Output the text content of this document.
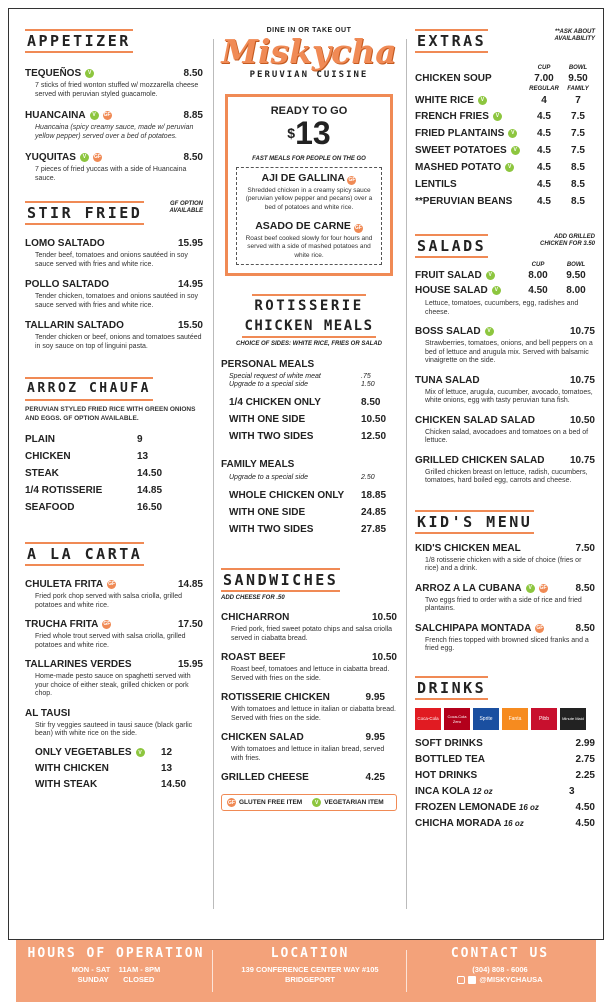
APPETIZER
TEQUEÑOS	V	8.50
7 sticks of fried wonton stuffed w/ mozzarella cheese served with peruvian styled guacamole.
HUANCAINA	V	GF	8.85
Huancaina (spicy creamy sauce, made w/ peruvian yellow pepper) served over a bed of potatoes.
YUQUITAS	V	GF	8.50
7 pieces of fried yuccas with a side of Huancaina sauce.
STIR FRIED	GF OPTION AVAILABLE
LOMO SALTADO	15.95
Tender beef, tomatoes and onions sautéed in soy sauce served with fries and white rice.
POLLO SALTADO	14.95
Tender chicken, tomatoes and onions sautéed in soy sauce served with fries and white rice.
TALLARIN SALTADO	15.50
Tender chicken or beef, onions and tomatoes sautéed in soy sauce on top of linguini pasta.
ARROZ CHAUFA
PERUVIAN STYLED FRIED RICE WITH GREEN ONIONS AND EGGS. GF OPTION AVAILABLE.
PLAIN	9
CHICKEN	13
STEAK	14.50
1/4 ROTISSERIE	14.85
SEAFOOD	16.50
A LA CARTA
CHULETA FRITA GF	14.85
Fried pork chop served with salsa criolla, grilled potatoes and white rice.
TRUCHA FRITA GF	17.50
Fried whole trout served with salsa criolla, grilled potatoes and white rice.
TALLARINES VERDES	15.95
Home-made pesto sauce on spaghetti served with your choice of either steak, grilled chicken or pork chop.
AL TAUSI
Stir fry veggies sauteed in tausi sauce (black garlic bean) with white rice on the side.
ONLY VEGETABLES	V 12
WITH CHICKEN	13
WITH STEAK	14.50
DINE IN OR TAKE OUT
Miskycha
PERUVIAN CUISINE
READY TO GO
$13
FAST MEALS FOR PEOPLE ON THE GO
AJI DE GALLINA GF
Shredded chicken in a creamy spicy sauce (peruvian yellow pepper and pecans) over a bed of potatoes and white rice.
ASADO DE CARNE GF
Roast beef cooked slowly for four hours and served with a side of mashed potatoes and white rice.
ROTISSERIE
CHICKEN MEALS
CHOICE OF SIDES: WHITE RICE, FRIES OR SALAD
PERSONAL MEALS
Special request of white meat	.75
Upgrade to a special side	1.50
1/4 CHICKEN ONLY	8.50
WITH ONE SIDE	10.50
WITH TWO SIDES	12.50
FAMILY MEALS
Upgrade to a special side	2.50
WHOLE CHICKEN ONLY 18.85
WITH ONE SIDE	24.85
WITH TWO SIDES	27.85
SANDWICHES
ADD CHEESE FOR .50
CHICHARRON	10.50
Fried pork, fried sweet potato chips and salsa criolla served in ciabatta bread.
ROAST BEEF	10.50
Roast beef, tomatoes and lettuce in ciabatta bread. Served with fries on the side.
ROTISSERIE CHICKEN	9.95
With tomatoes and lettuce in italian or ciabatta bread. Served with fries on the side.
CHICKEN SALAD	9.95
With tomatoes and lettuce in italian bread, served with fries.
GRILLED CHEESE	4.25
GF GLUTEN FREE ITEM	V VEGETARIAN ITEM
EXTRAS	**ASK ABOUT AVAILABILITY
CUP	BOWL
CHICKEN SOUP	7.00	9.50
REGULAR	FAMILY
WHITE RICE	V	4	7
FRENCH FRIES	V	4.5	7.5
FRIED PLANTAINS	V	4.5	7.5
SWEET POTATOES	V	4.5	7.5
MASHED POTATO	V	4.5	8.5
LENTILS	4.5	8.5
**PERUVIAN BEANS	4.5	8.5
SALADS	ADD GRILLED CHICKEN FOR 3.50
CUP	BOWL
FRUIT SALAD	V	8.00	9.50
HOUSE SALAD	V	4.50	8.00
Lettuce, tomatoes, cucumbers, egg, radishes and cheese.
BOSS SALAD	V	10.75
Strawberries, tomatoes, onions, and bell peppers on a bed of lettuce and arugula mix. Served with balsamic vinaigrette on the side.
TUNA SALAD	10.75
Mix of lettuce, arugula, cucumber, avocado, tomatoes, white onions, egg with tasty peruvian tuna fish.
CHICKEN SALAD SALAD	10.50
Chicken salad, avocadoes and tomatoes on a bed of lettuce.
GRILLED CHICKEN SALAD	10.75
Grilled chicken breast on lettuce, radish, cucumbers, tomatoes, hard boiled egg, carrots and cheese.
KID'S MENU
KID'S CHICKEN MEAL	7.50
1/8 rotisserie chicken with a side of choice (fries or rice) and a drink.
ARROZ A LA CUBANA	V	GF	8.50
Two eggs fried to order with a side of rice and fried plantains.
SALCHIPAPA MONTADA GF	8.50
French fries topped with browned sliced franks and a fried egg.
DRINKS
Coca-Cola	Coca-Cola Zero	Sprite	Fanta	Pibb	Minute Maid
SOFT DRINKS	2.99
BOTTLED TEA	2.75
HOT DRINKS	2.25
INCA KOLA 12 oz	3
FROZEN LEMONADE 16 oz	4.50
CHICHA MORADA 16 oz	4.50
HOURS OF OPERATION
MON - SAT    11AM - 8PM
SUNDAY       CLOSED
LOCATION
139 CONFERENCE CENTER WAY #105
BRIDGEPORT
CONTACT US
(304) 808 - 6006
@MISKYCHAUSA
